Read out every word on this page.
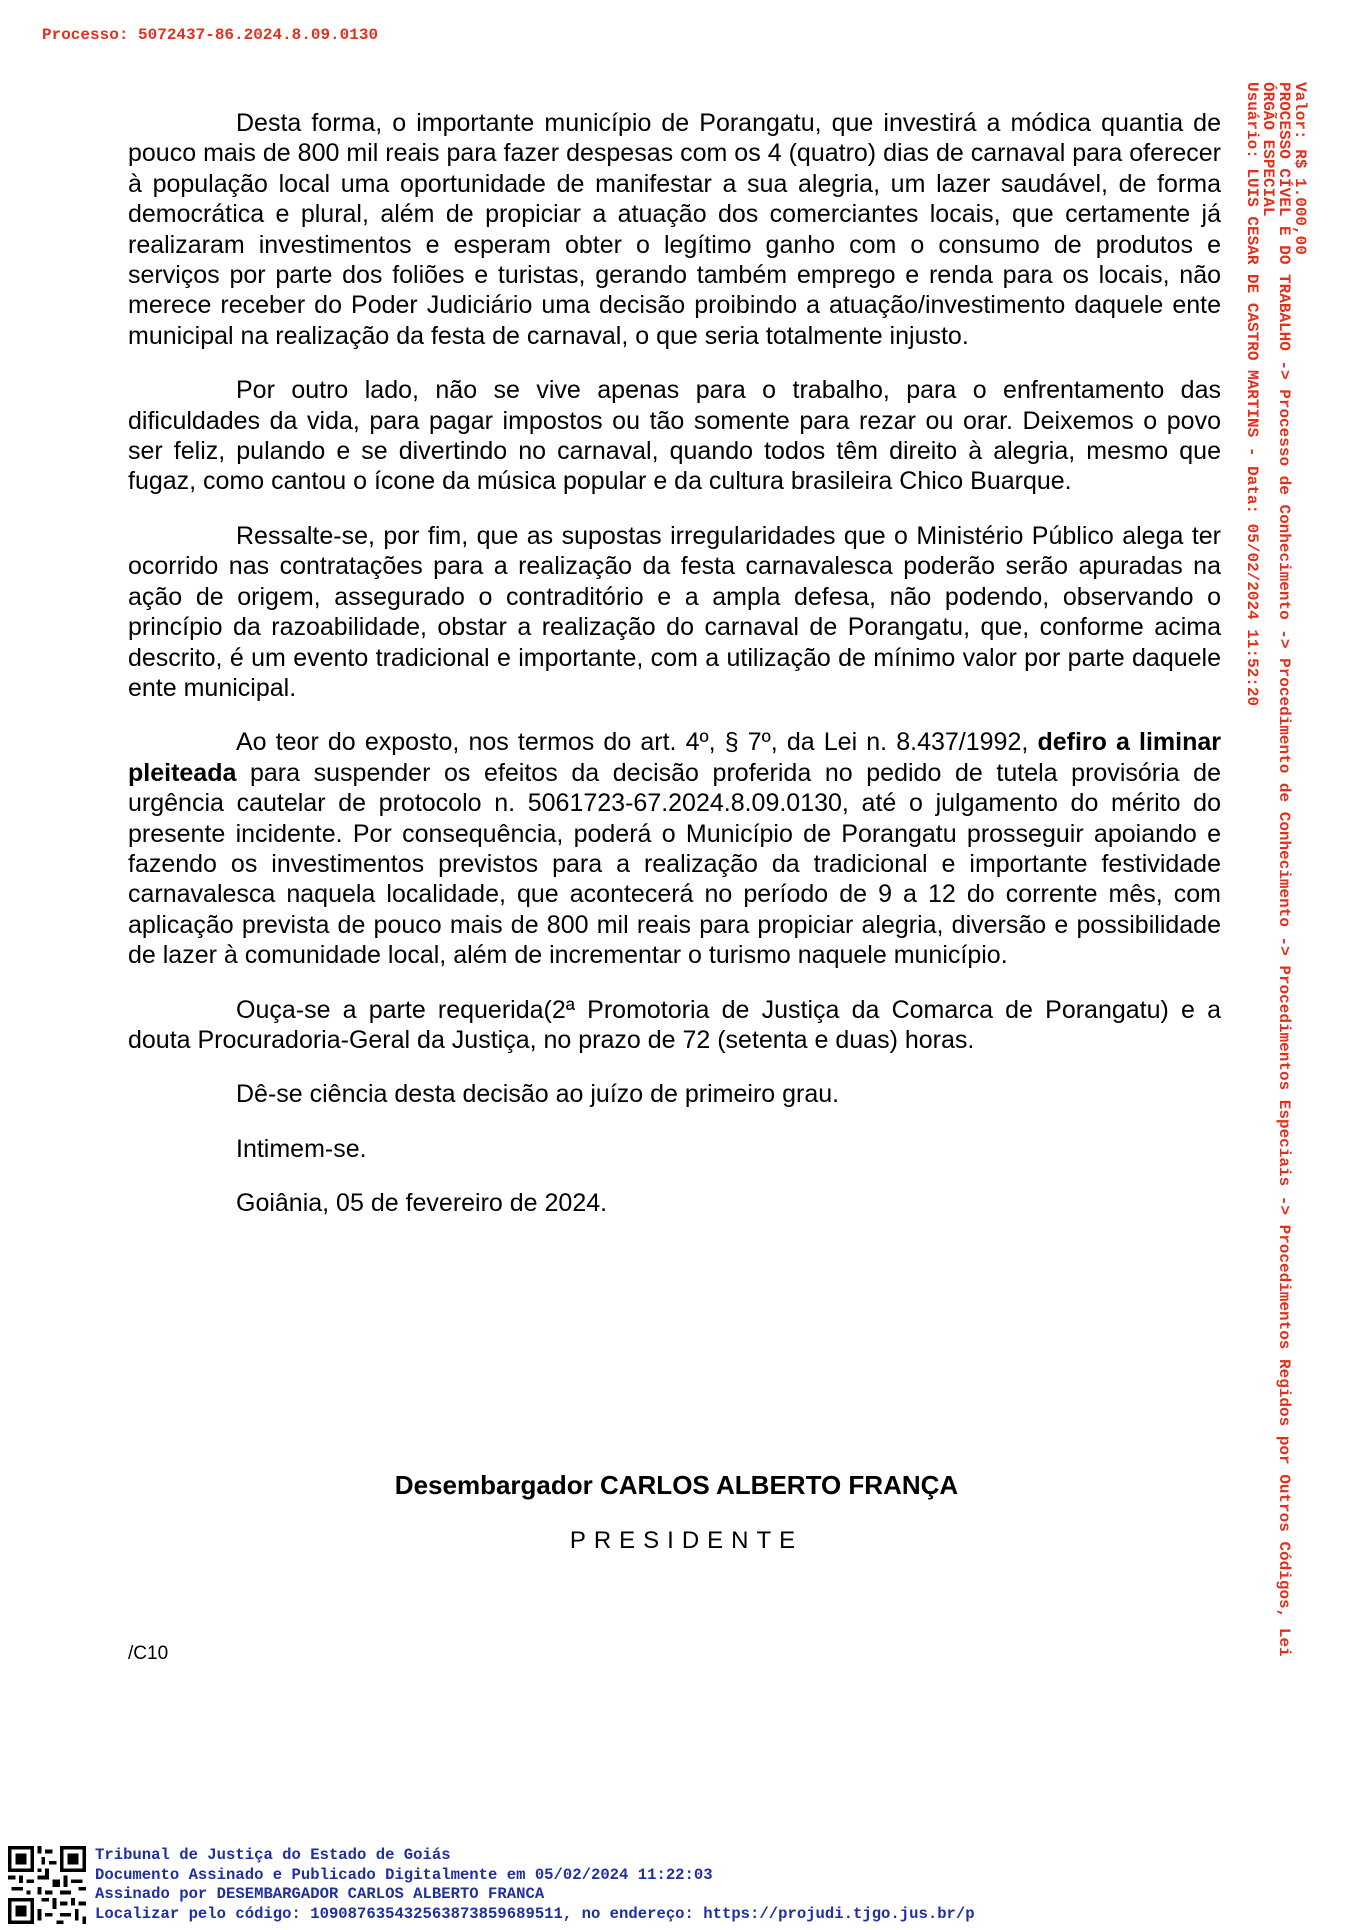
Processo: 5072437-86.2024.8.09.0130
Valor: R$ 1.000,00
PROCESSO CÍVEL E DO TRABALHO -> Processo de Conhecimento -> Procedimento de Conhecimento -> Procedimentos Especiais -> Procedimentos Regidos por Outros Códigos, Lei
ÓRGÃO ESPECIAL
Usuário: LUIS CESAR DE CASTRO MARTINS - Data: 05/02/2024 11:52:20

Desta forma, o importante município de Porangatu, que investirá a módica quantia de pouco mais de 800 mil reais para fazer despesas com os 4 (quatro) dias de carnaval para oferecer à população local uma oportunidade de manifestar a sua alegria, um lazer saudável, de forma democrática e plural, além de propiciar a atuação dos comerciantes locais, que certamente já realizaram investimentos e esperam obter o legítimo ganho com o consumo de produtos e serviços por parte dos foliões e turistas, gerando também emprego e renda para os locais, não merece receber do Poder Judiciário uma decisão proibindo a atuação/investimento daquele ente municipal na realização da festa de carnaval, o que seria totalmente injusto.

Por outro lado, não se vive apenas para o trabalho, para o enfrentamento das dificuldades da vida, para pagar impostos ou tão somente para rezar ou orar. Deixemos o povo ser feliz, pulando e se divertindo no carnaval, quando todos têm direito à alegria, mesmo que fugaz, como cantou o ícone da música popular e da cultura brasileira Chico Buarque.

Ressalte-se, por fim, que as supostas irregularidades que o Ministério Público alega ter ocorrido nas contratações para a realização da festa carnavalesca poderão serão apuradas na ação de origem, assegurado o contraditório e a ampla defesa, não podendo, observando o princípio da razoabilidade, obstar a realização do carnaval de Porangatu, que, conforme acima descrito, é um evento tradicional e importante, com a utilização de mínimo valor por parte daquele ente municipal.

Ao teor do exposto, nos termos do art. 4º, § 7º, da Lei n. 8.437/1992, defiro a liminar pleiteada para suspender os efeitos da decisão proferida no pedido de tutela provisória de urgência cautelar de protocolo n. 5061723-67.2024.8.09.0130, até o julgamento do mérito do presente incidente. Por consequência, poderá o Município de Porangatu prosseguir apoiando e fazendo os investimentos previstos para a realização da tradicional e importante festividade carnavalesca naquela localidade, que acontecerá no período de 9 a 12 do corrente mês, com aplicação prevista de pouco mais de 800 mil reais para propiciar alegria, diversão e possibilidade de lazer à comunidade local, além de incrementar o turismo naquele município.

Ouça-se a parte requerida(2ª Promotoria de Justiça da Comarca de Porangatu) e a douta Procuradoria-Geral da Justiça, no prazo de 72 (setenta e duas) horas.

Dê-se ciência desta decisão ao juízo de primeiro grau.

Intimem-se.

Goiânia, 05 de fevereiro de 2024.

Desembargador CARLOS ALBERTO FRANÇA
PRESIDENTE
/C10
Tribunal de Justiça do Estado de Goiás
Documento Assinado e Publicado Digitalmente em 05/02/2024 11:22:03
Assinado por DESEMBARGADOR CARLOS ALBERTO FRANCA
Localizar pelo código: 109087635432563873859689511, no endereço: https://projudi.tjgo.jus.br/p
